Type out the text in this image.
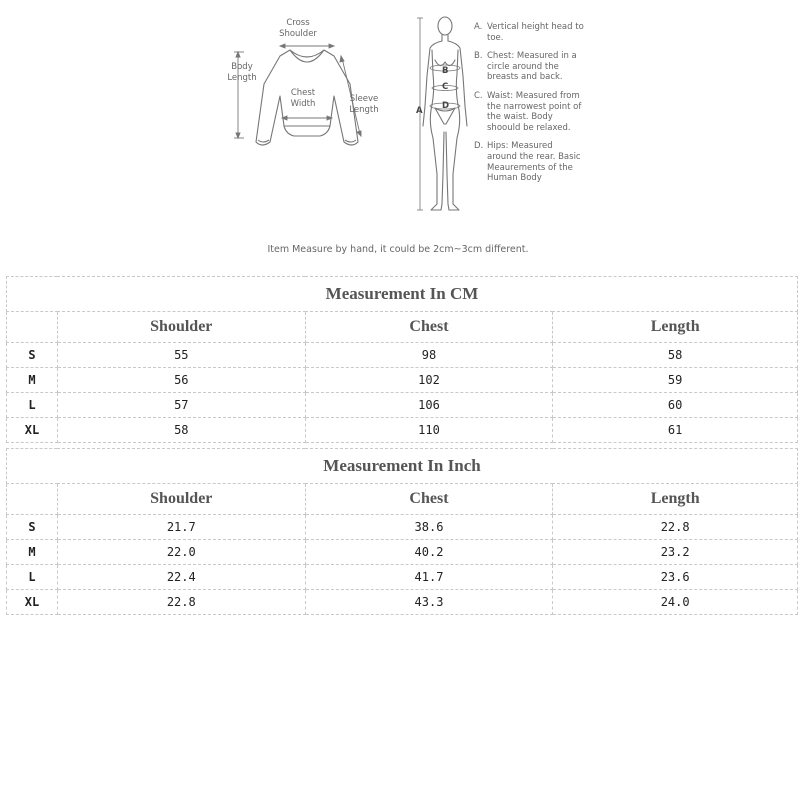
Cross
Shoulder
Body
Length
Chest
Width	Sleeve
Length	A
B
C
D
A. Vertical height head to toe.
B. Chest: Measured in a circle around the breasts and back.
C. Waist: Measured from the narrowest point of the waist. Body shoould be relaxed.
D. Hips: Measured around the rear. Basic Meaurements of the Human Body
Item Measure by hand, it could be 2cm~3cm different.
Measurement In CM			
	Shoulder	Chest	Length
S	55	98	58
M	56	102	59
L	57	106	60
XL	58	110	61
Measurement In Inch			
	Shoulder	Chest	Length
S	21.7	38.6	22.8
M	22.0	40.2	23.2
L	22.4	41.7	23.6
XL	22.8	43.3	24.0
